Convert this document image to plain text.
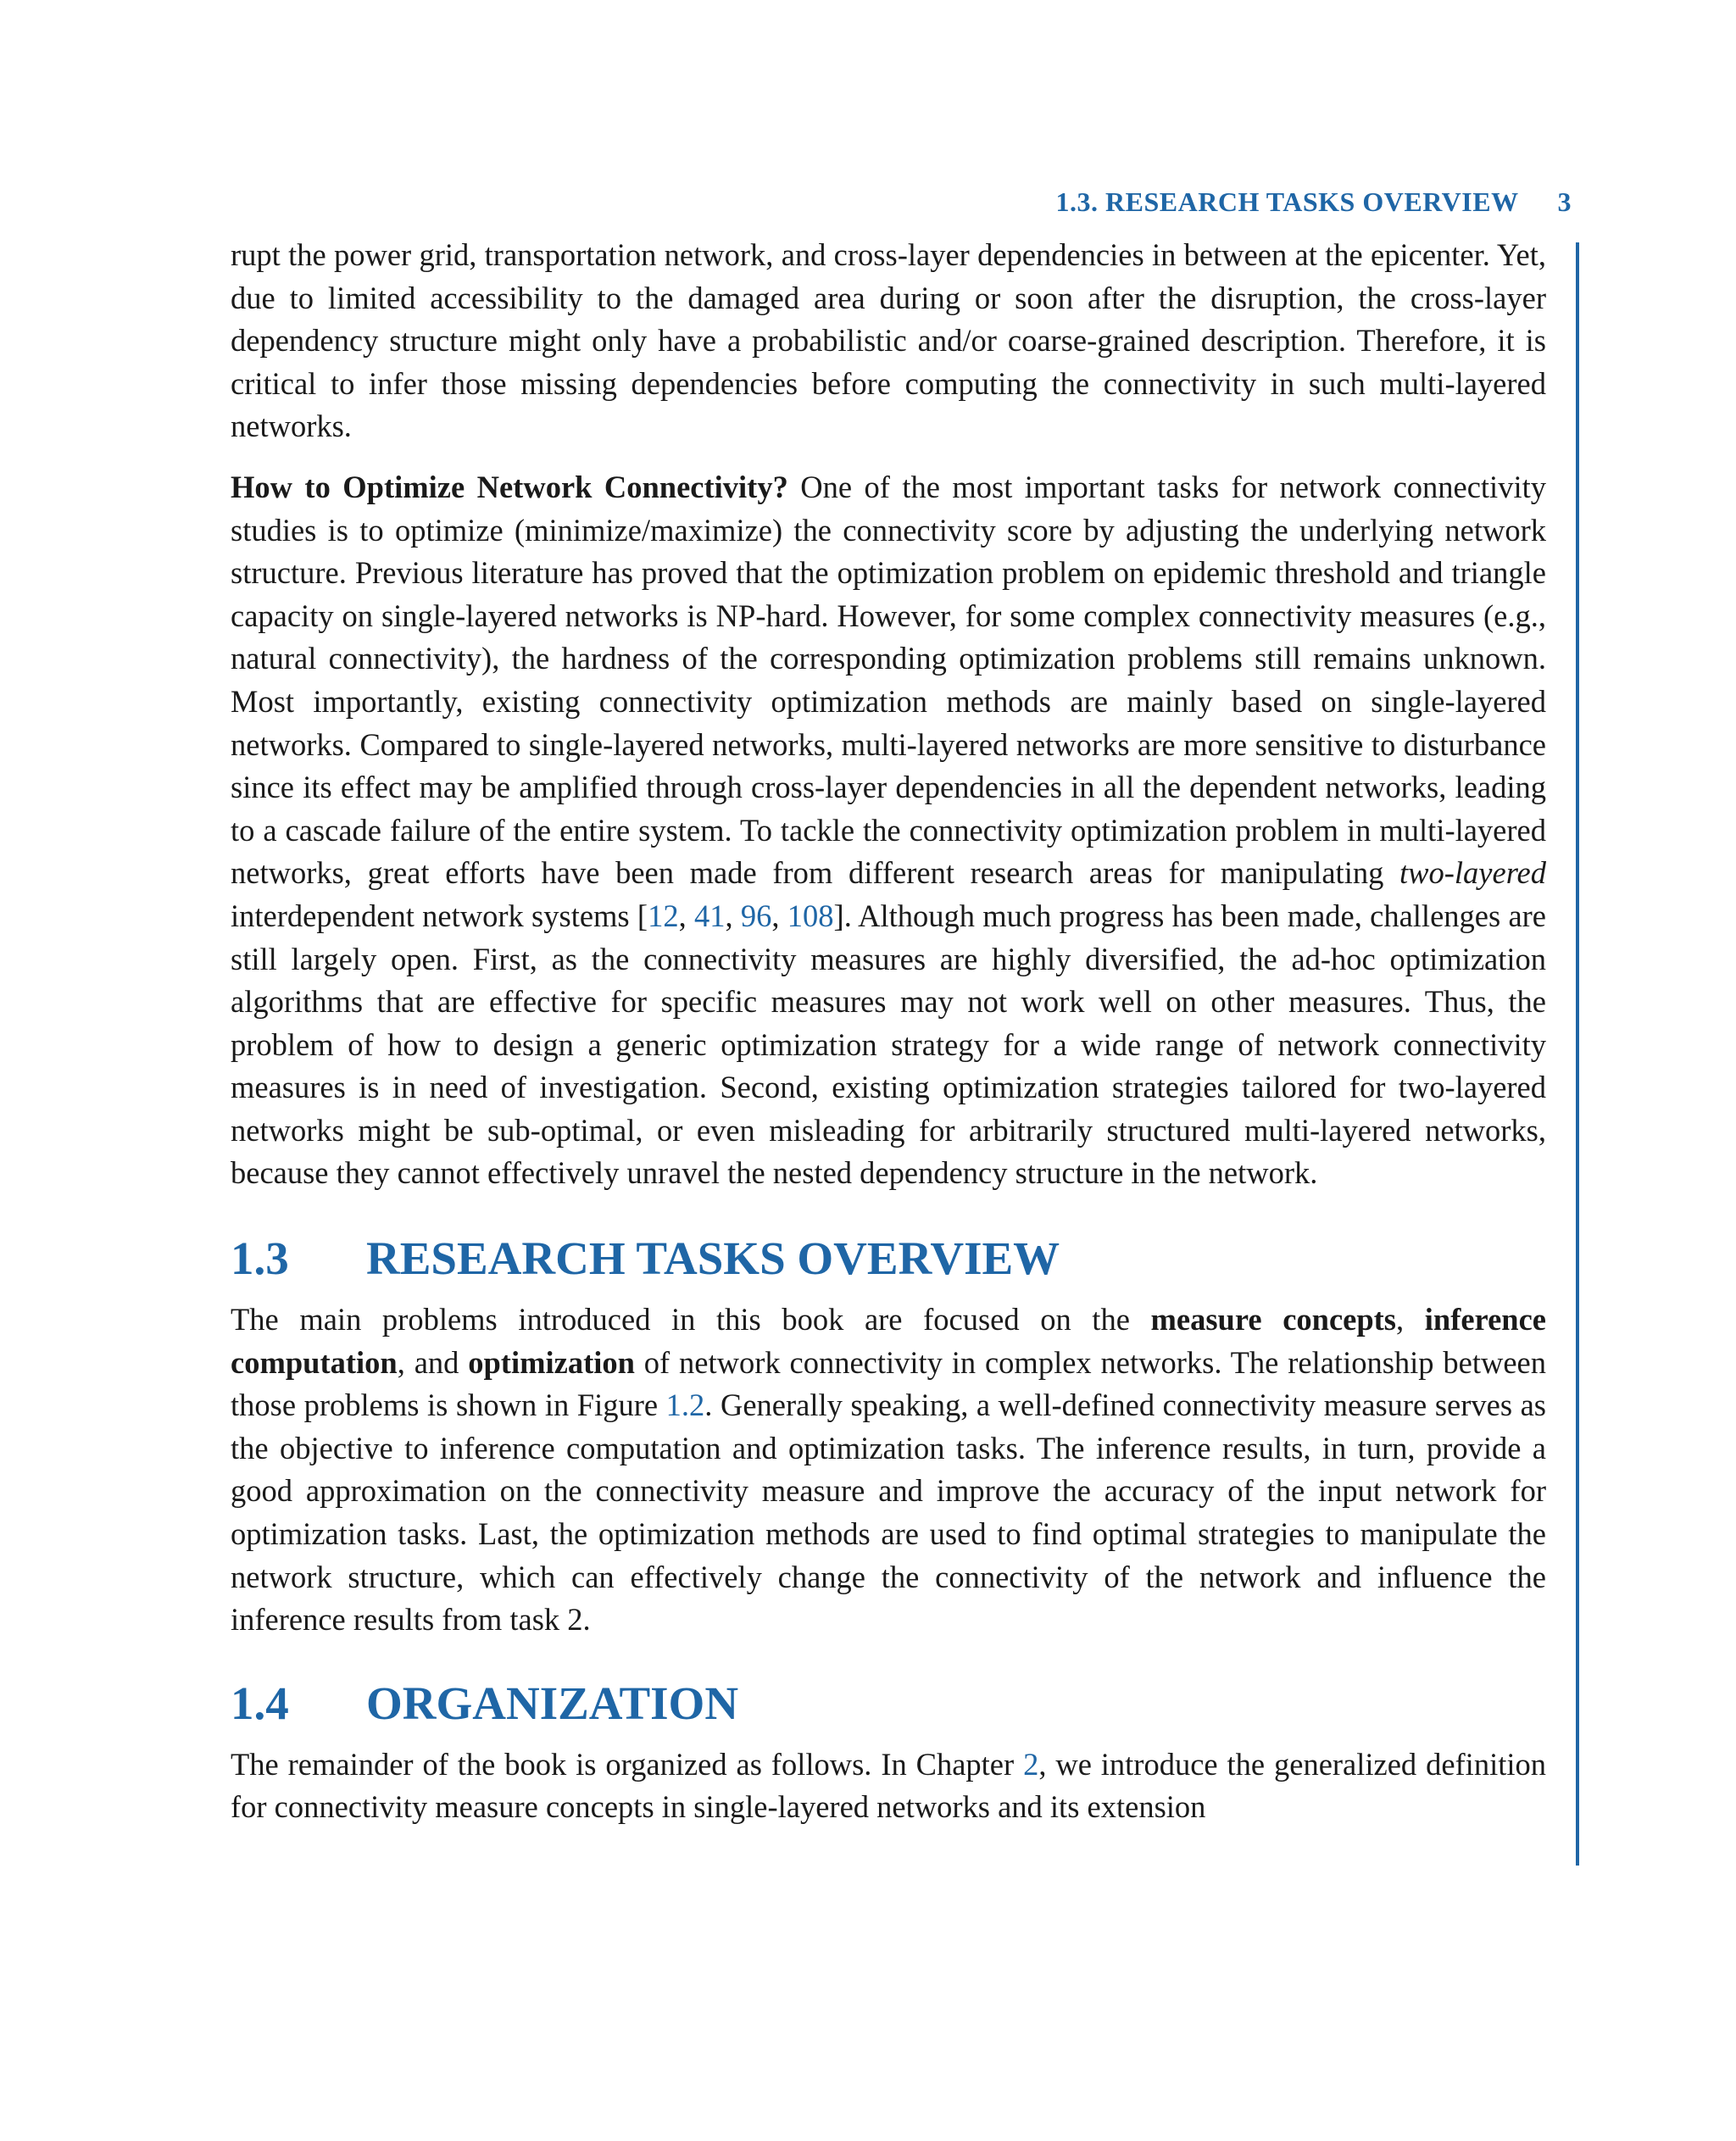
1.3. RESEARCH TASKS OVERVIEW 3

rupt the power grid, transportation network, and cross-layer dependencies in between at the epicenter. Yet, due to limited accessibility to the damaged area during or soon after the disruption, the cross-layer dependency structure might only have a probabilistic and/or coarse-grained description. Therefore, it is critical to infer those missing dependencies before computing the connectivity in such multi-layered networks.

How to Optimize Network Connectivity? One of the most important tasks for network connectivity studies is to optimize (minimize/maximize) the connectivity score by adjusting the underlying network structure. Previous literature has proved that the optimization problem on epidemic threshold and triangle capacity on single-layered networks is NP-hard. However, for some complex connectivity measures (e.g., natural connectivity), the hardness of the corresponding optimization problems still remains unknown. Most importantly, existing connectivity optimization methods are mainly based on single-layered networks. Compared to single-layered networks, multi-layered networks are more sensitive to disturbance since its effect may be amplified through cross-layer dependencies in all the dependent networks, leading to a cascade failure of the entire system. To tackle the connectivity optimization problem in multi-layered networks, great efforts have been made from different research areas for manipulating two-layered interdependent network systems [12, 41, 96, 108]. Although much progress has been made, challenges are still largely open. First, as the connectivity measures are highly diversified, the ad-hoc optimization algorithms that are effective for specific measures may not work well on other measures. Thus, the problem of how to design a generic optimization strategy for a wide range of network connectivity measures is in need of investigation. Second, existing optimization strategies tailored for two-layered networks might be sub-optimal, or even misleading for arbitrarily structured multi-layered networks, because they cannot effectively unravel the nested dependency structure in the network.

1.3 RESEARCH TASKS OVERVIEW

The main problems introduced in this book are focused on the measure concepts, inference computation, and optimization of network connectivity in complex networks. The relationship between those problems is shown in Figure 1.2. Generally speaking, a well-defined connectivity measure serves as the objective to inference computation and optimization tasks. The inference results, in turn, provide a good approximation on the connectivity measure and improve the accuracy of the input network for optimization tasks. Last, the optimization methods are used to find optimal strategies to manipulate the network structure, which can effectively change the connectivity of the network and influence the inference results from task 2.

1.4 ORGANIZATION

The remainder of the book is organized as follows. In Chapter 2, we introduce the generalized definition for connectivity measure concepts in single-layered networks and its extension
